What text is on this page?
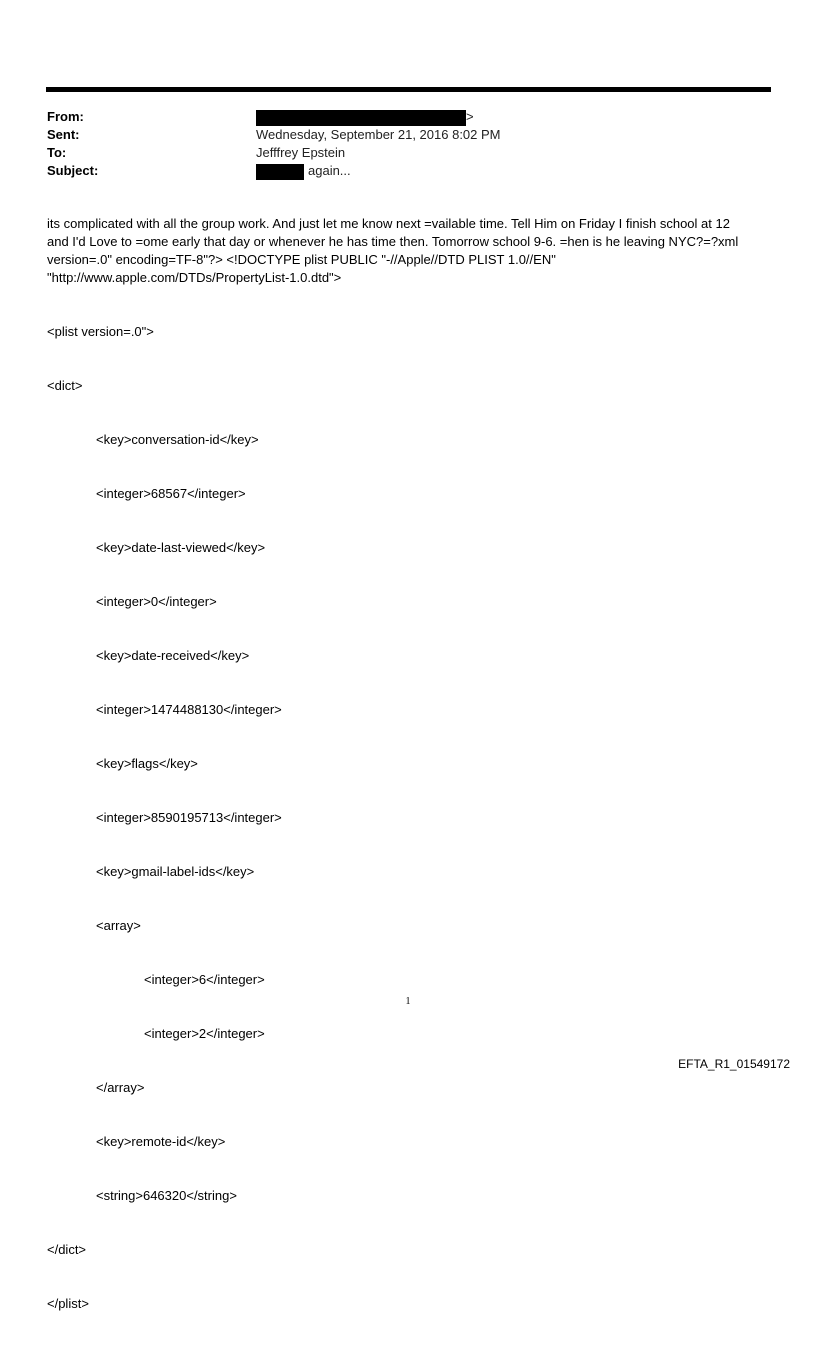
From:	>
Sent:	Wednesday, September 21, 2016 8:02 PM
To:	Jefffrey Epstein
Subject:	again...
its complicated with all the group work. And just let me know next =vailable time. Tell Him on Friday I finish school at 12
and I'd Love to =ome early that day or whenever he has time then. Tomorrow school 9-6. =hen is he leaving NYC?=?xml
version=.0" encoding=TF-8"?> <!DOCTYPE plist PUBLIC "-//Apple//DTD PLIST 1.0//EN"
"http://www.apple.com/DTDs/PropertyList-1.0.dtd">

<plist version=.0">

<dict>

<key>conversation-id</key>

<integer>68567</integer>

<key>date-last-viewed</key>

<integer>0</integer>

<key>date-received</key>

<integer>1474488130</integer>

<key>flags</key>

<integer>8590195713</integer>

<key>gmail-label-ids</key>

<array>

<integer>6</integer>

<integer>2</integer>

</array>

<key>remote-id</key>

<string>646320</string>

</dict>

</plist>

1
EFTA_R1_01549172
